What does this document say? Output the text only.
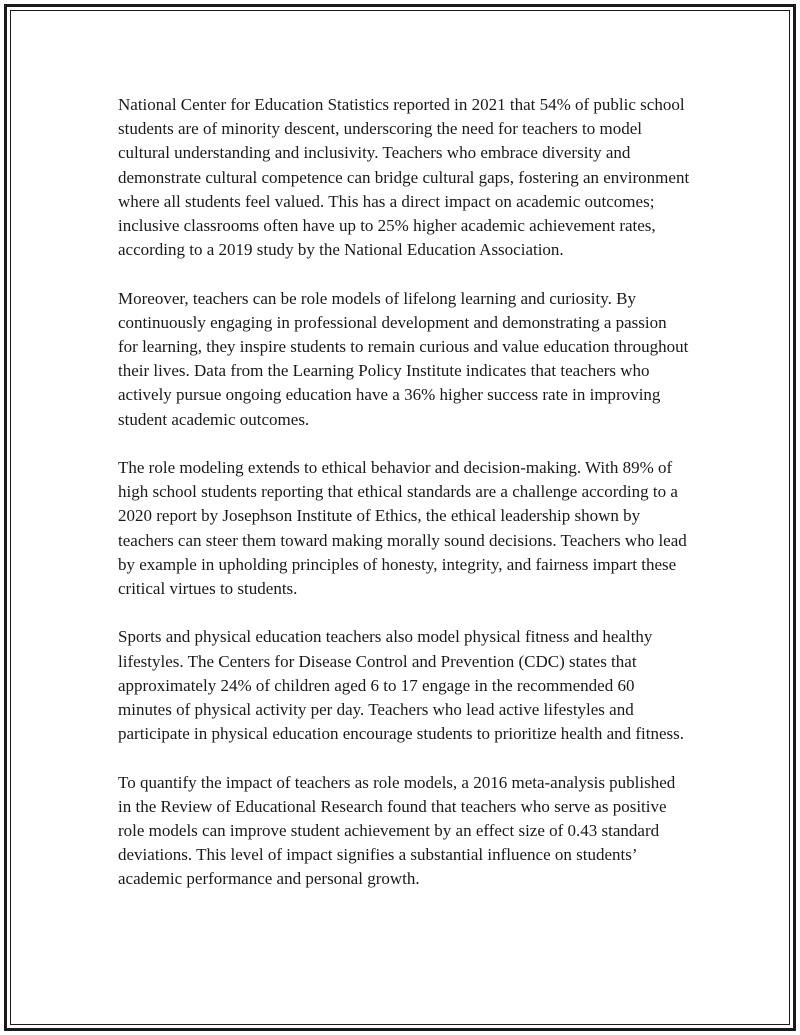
National Center for Education Statistics reported in 2021 that 54% of public school students are of minority descent, underscoring the need for teachers to model cultural understanding and inclusivity. Teachers who embrace diversity and demonstrate cultural competence can bridge cultural gaps, fostering an environment where all students feel valued. This has a direct impact on academic outcomes; inclusive classrooms often have up to 25% higher academic achievement rates, according to a 2019 study by the National Education Association.

Moreover, teachers can be role models of lifelong learning and curiosity. By continuously engaging in professional development and demonstrating a passion for learning, they inspire students to remain curious and value education throughout their lives. Data from the Learning Policy Institute indicates that teachers who actively pursue ongoing education have a 36% higher success rate in improving student academic outcomes.

The role modeling extends to ethical behavior and decision-making. With 89% of high school students reporting that ethical standards are a challenge according to a 2020 report by Josephson Institute of Ethics, the ethical leadership shown by teachers can steer them toward making morally sound decisions. Teachers who lead by example in upholding principles of honesty, integrity, and fairness impart these critical virtues to students.

Sports and physical education teachers also model physical fitness and healthy lifestyles. The Centers for Disease Control and Prevention (CDC) states that approximately 24% of children aged 6 to 17 engage in the recommended 60 minutes of physical activity per day. Teachers who lead active lifestyles and participate in physical education encourage students to prioritize health and fitness.

To quantify the impact of teachers as role models, a 2016 meta-analysis published in the Review of Educational Research found that teachers who serve as positive role models can improve student achievement by an effect size of 0.43 standard deviations. This level of impact signifies a substantial influence on students’ academic performance and personal growth.
